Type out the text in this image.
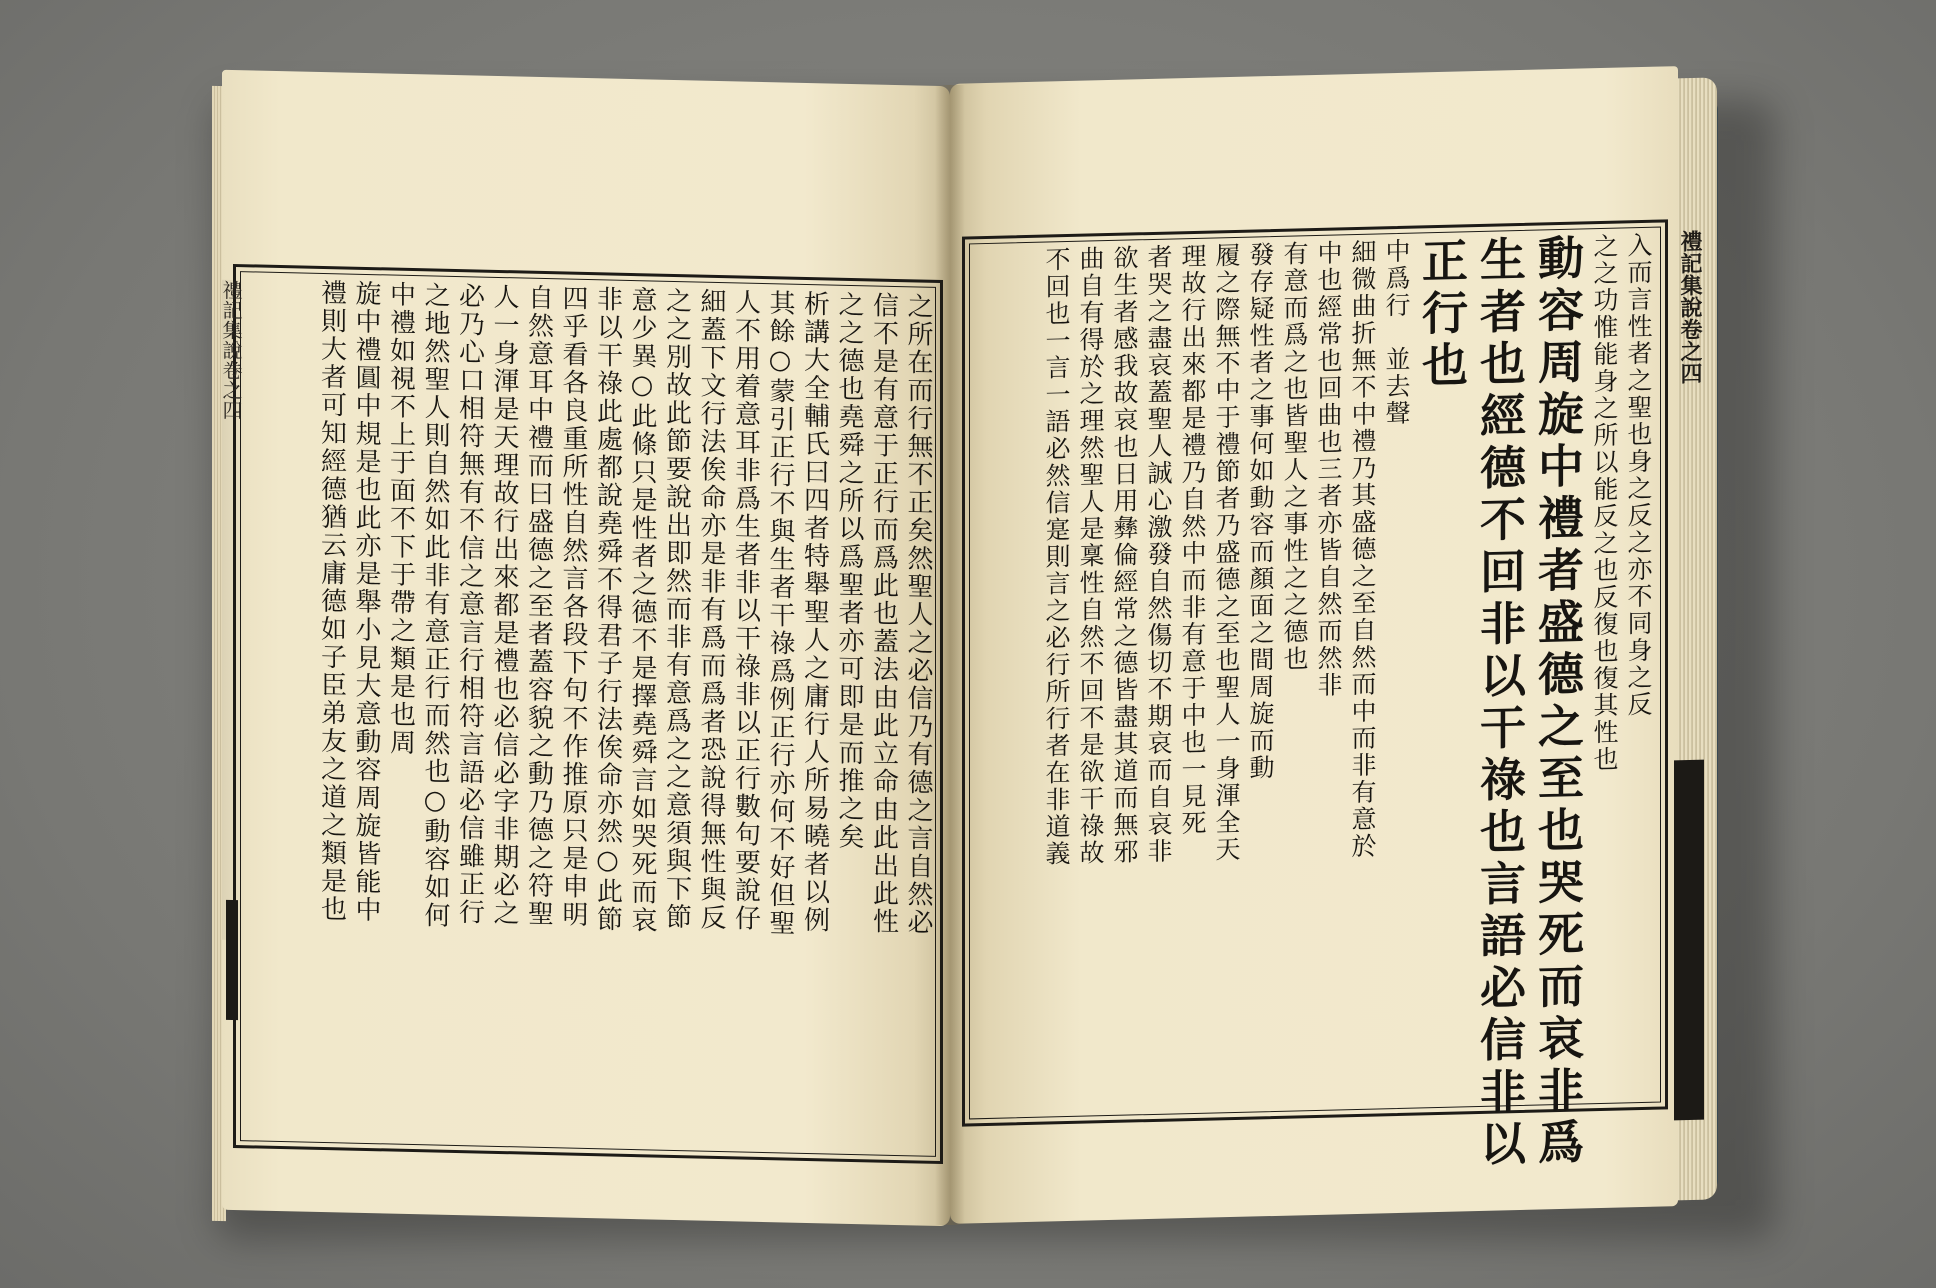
禮記集說卷之四	禮記集說卷之四
之所在而行無不正矣然聖人之必信乃有德之言自然必
信不是有意于正行而爲此也蓋法由此立命由此出此性
之之德也堯舜之所以爲聖者亦可即是而推之矣
析講大全輔氏曰四者特舉聖人之庸行人所易曉者以例
其餘○蒙引正行不與生者干祿爲例正行亦何不好但聖
人不用着意耳非爲生者非以干祿非以正行數句要說仔
細蓋下文行法俟命亦是非有爲而爲者恐說得無性與反
之之別故此節要說出即然而非有意爲之之意須與下節
意少異○此條只是性者之德不是擇堯舜言如哭死而哀
非以干祿此處都說堯舜不得君子行法俟命亦然○此節
四乎看各良重所性自然言各段下句不作推原只是申明
自然意耳中禮而曰盛德之至者蓋容貌之動乃德之符聖
人一身渾是天理故行出來都是禮也必信必字非期必之
必乃心口相符無有不信之意言行相符言語必信雖正行
之地然聖人則自然如此非有意正行而然也○動容如何
中禮如視不上于面不下于帶之類是也周
旋中禮圓中規是也此亦是舉小見大意動容周旋皆能中
禮則大者可知經德猶云庸德如子臣弟友之道之類是也	入而言性者之聖也身之反之亦不同身之反
之之功惟能身之所以能反之也反復也復其性也
動容周旋中禮者盛德之至也哭死而哀非爲
生者也經德不回非以干祿也言語必信非以
正行也
中爲行　並去聲
細微曲折無不中禮乃其盛德之至自然而中而非有意於
中也經常也回曲也三者亦皆自然而然非
有意而爲之也皆聖人之事性之之德也
發存疑性者之事何如動容而顏面之間周旋而動
履之際無不中于禮節者乃盛德之至也聖人一身渾全天
理故行出來都是禮乃自然中而非有意于中也一見死
者哭之盡哀蓋聖人誠心激發自然傷切不期哀而自哀非
欲生者感我故哀也日用彝倫經常之德皆盡其道而無邪
曲自有得於之理然聖人是稟性自然不回不是欲干祿故
不回也一言一語必然信寔則言之必行所行者在非道義
